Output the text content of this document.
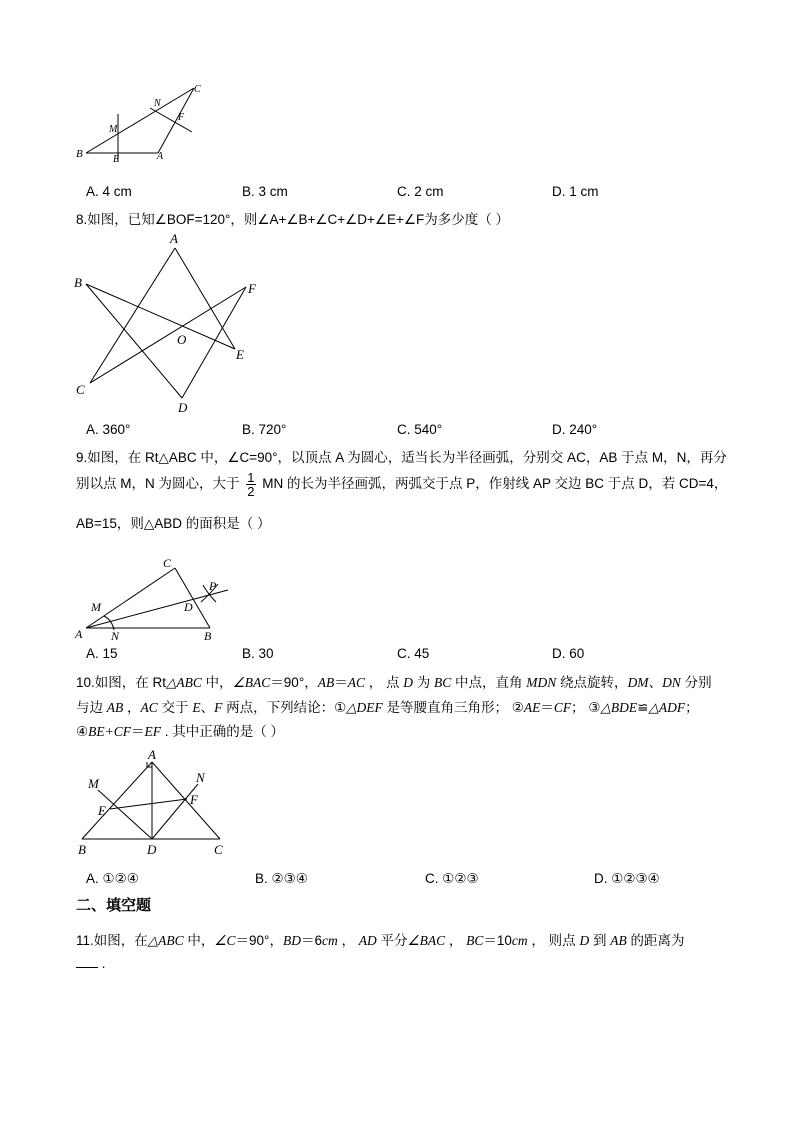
B	E	A
M
N
F
C
A. 4 cm	B. 3 cm	C. 2 cm	D. 1 cm
8.如图，已知∠BOF=120°，则∠A+∠B+∠C+∠D+∠E+∠F为多少度（ ）
A
B
C
D
E
F
O
A. 360°	B. 720°	C. 540°	D. 240°
9.如图，在 Rt△ABC 中，∠C=90°，以顶点 A 为圆心，适当长为半径画弧，分别交 AC，AB 于点 M，N，再分
别以点 M，N 为圆心，大于 $\frac{1}{2}$ MN 的长为半径画弧，两弧交于点 P，作射线 AP 交边 BC 于点 D，若 CD=4，
AB=15，则△ABD 的面积是（ ）
A N
M
C
D
P
B
A. 15	B. 30	C. 45	D. 60
10.如图，在 Rt△ABC 中，∠BAC＝90°，AB＝AC ， 点 D 为 BC 中点，直角 MDN 绕点旋转，DM、DN 分别
与边 AB ，AC 交于 E、F 两点，下列结论：①△DEF 是等腰直角三角形； ②AE＝CF； ③△BDE≌△ADF；
④BE+CF＝EF . 其中正确的是（ ）
A
M	N
E
F
B	D	C
A. ①②④	B. ②③④	C. ①②③	D. ①②③④
二、填空题
11.如图，在△ABC 中，∠C＝90°，BD＝6cm ， AD 平分∠BAC ， BC＝10cm ， 则点 D 到 AB 的距离为
.
